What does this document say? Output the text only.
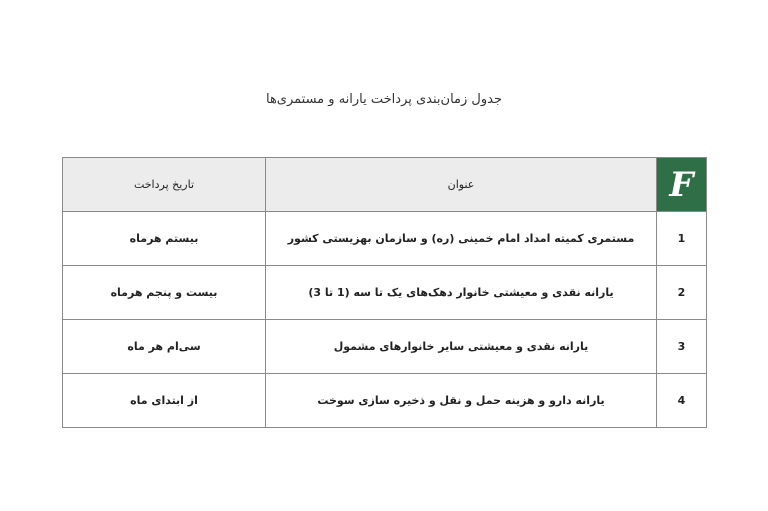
جدول زمان‌بندی پرداخت یارانه و مستمری‌ها
F	عنوان	تاریخ پرداخت
1	مستمری کمیته امداد امام خمینی (ره) و سازمان بهزیستی کشور	بیستم هرماه
2	یارانه نقدی و معیشتی خانوار دهک‌های یک تا سه (1 تا 3)	بیست و پنجم هرماه
3	یارانه نقدی و معیشتی سایر خانوارهای مشمول	سی‌ام هر ماه
4	یارانه دارو و هزینه حمل و نقل و ذخیره سازی سوخت	از ابتدای ماه
